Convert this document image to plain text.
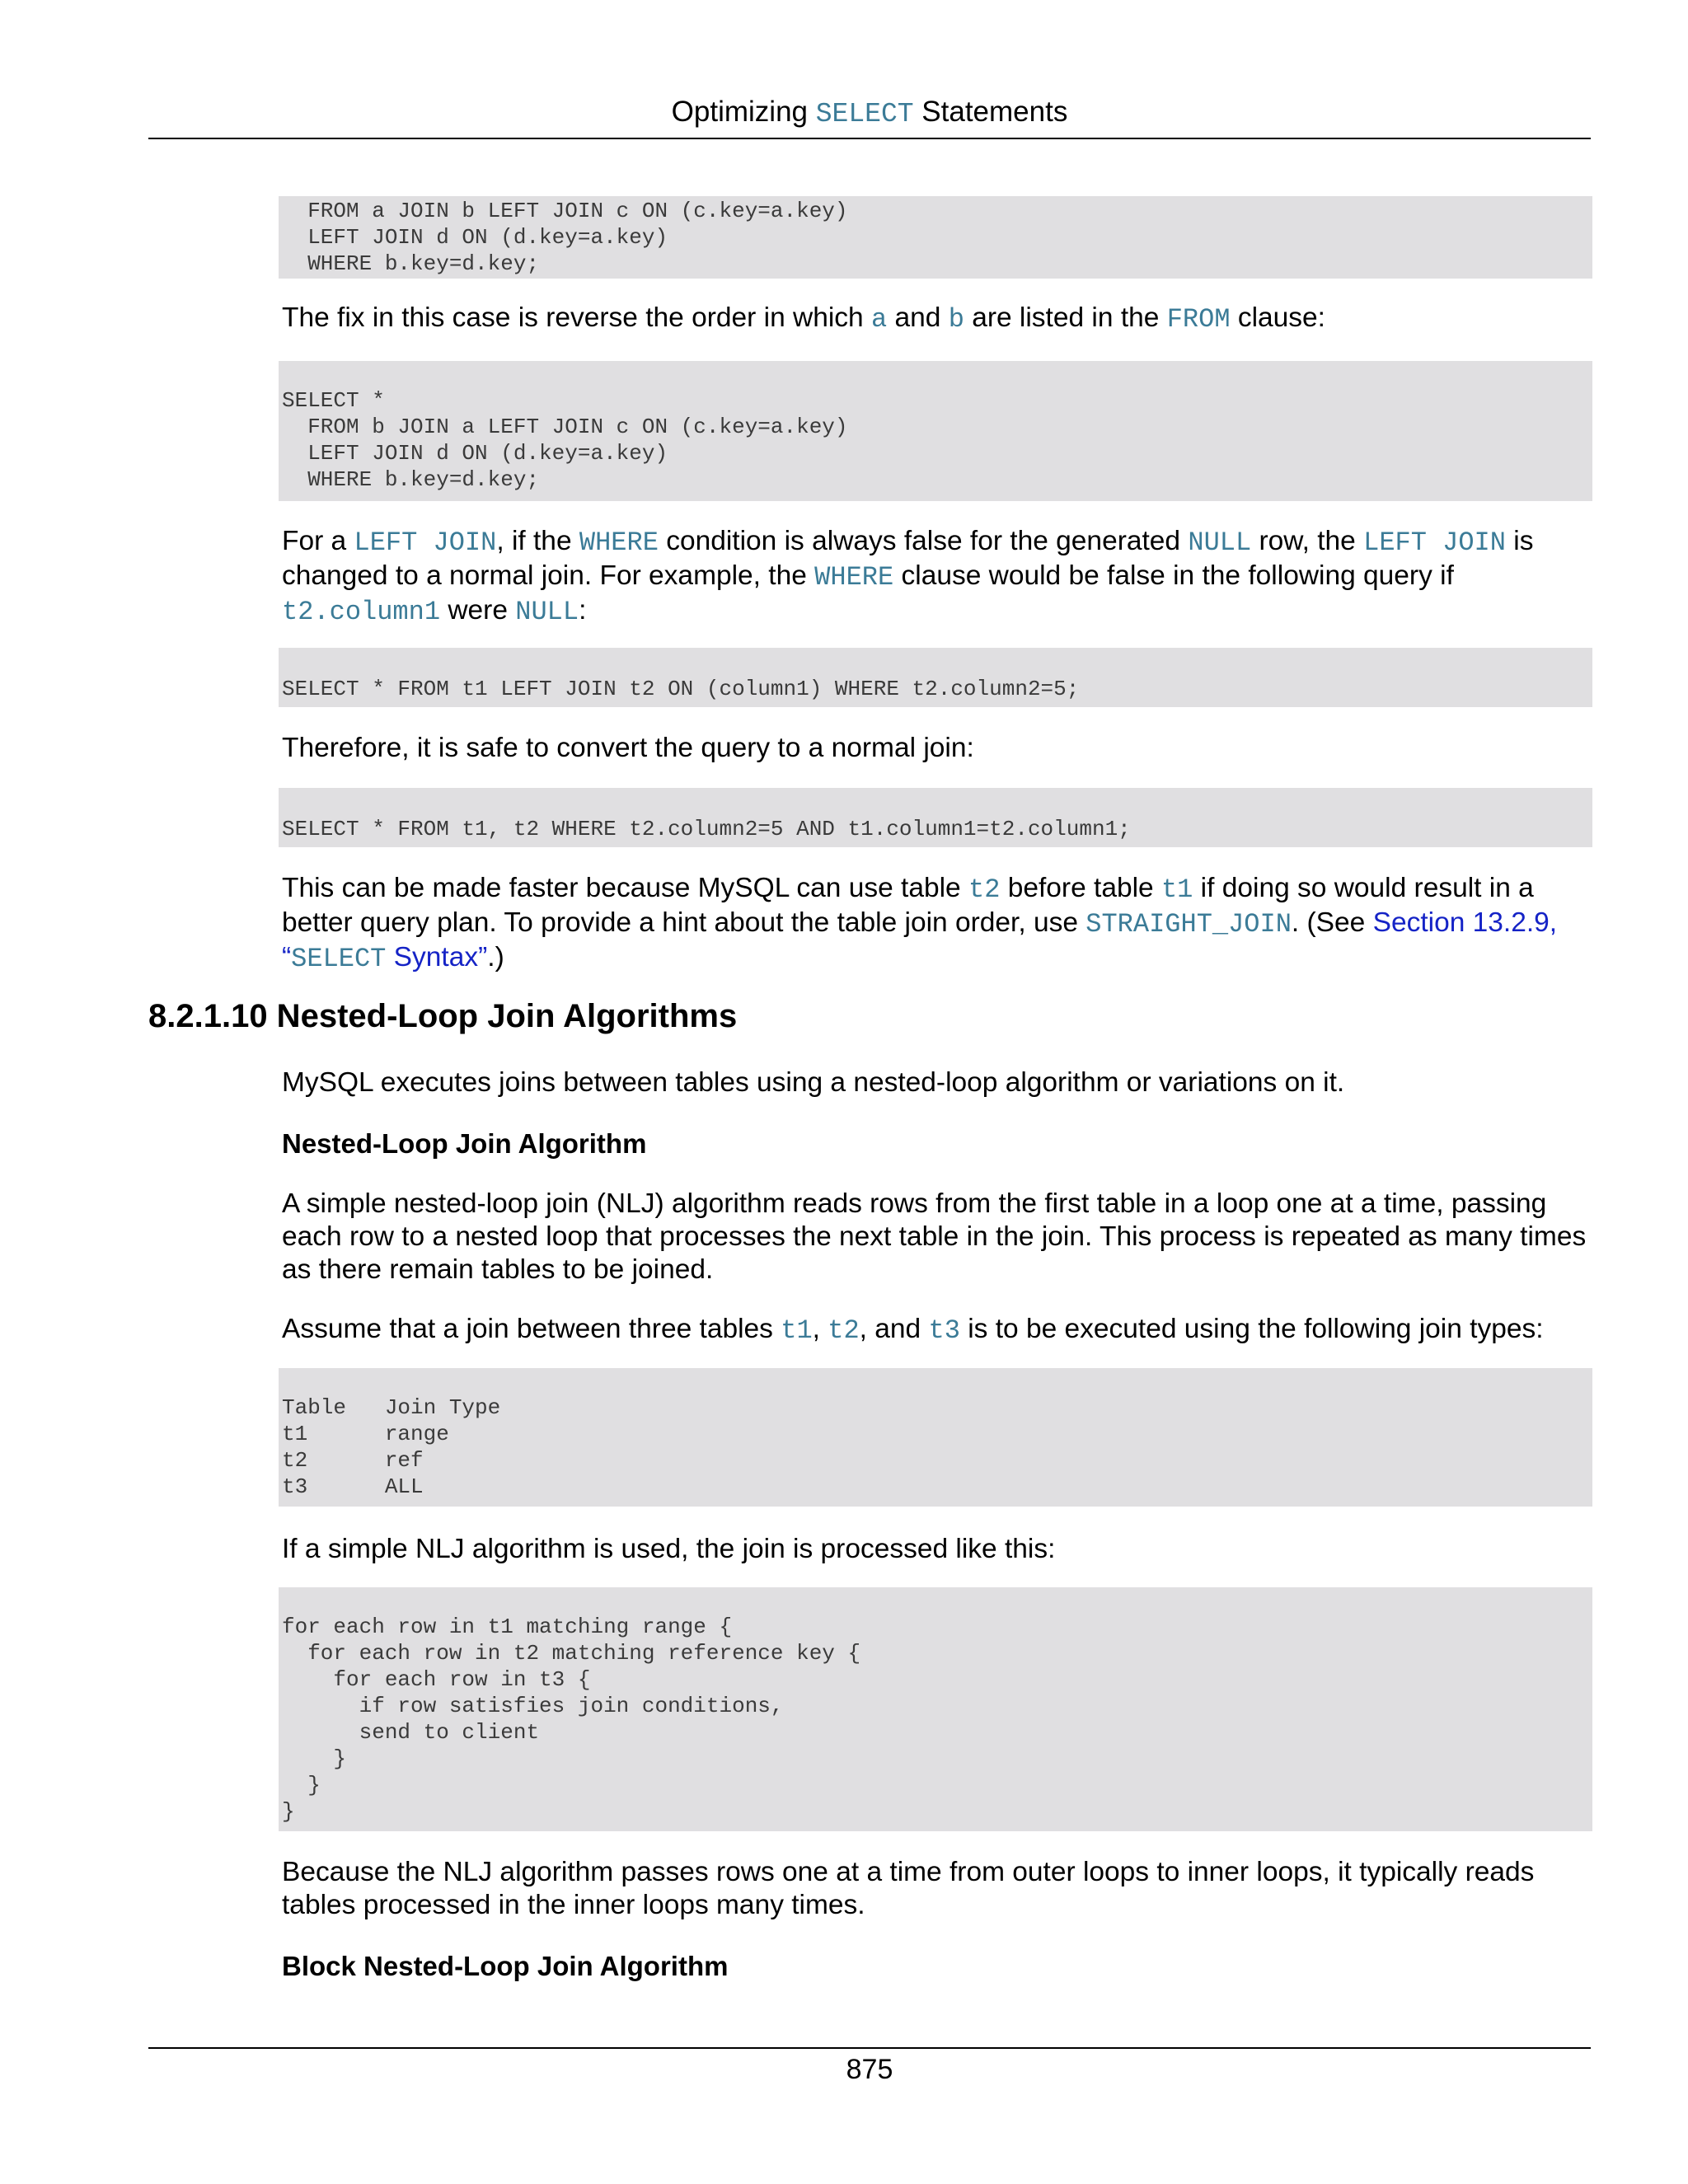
Optimizing SELECT Statements
FROM a JOIN b LEFT JOIN c ON (c.key=a.key)
LEFT JOIN d ON (d.key=a.key)
WHERE b.key=d.key;

The fix in this case is reverse the order in which a and b are listed in the FROM clause:

SELECT *
FROM b JOIN a LEFT JOIN c ON (c.key=a.key)
LEFT JOIN d ON (d.key=a.key)
WHERE b.key=d.key;

For a LEFT JOIN, if the WHERE condition is always false for the generated NULL row, the LEFT JOIN is changed to a normal join. For example, the WHERE clause would be false in the following query if t2.column1 were NULL:

SELECT * FROM t1 LEFT JOIN t2 ON (column1) WHERE t2.column2=5;

Therefore, it is safe to convert the query to a normal join:

SELECT * FROM t1, t2 WHERE t2.column2=5 AND t1.column1=t2.column1;

This can be made faster because MySQL can use table t2 before table t1 if doing so would result in a better query plan. To provide a hint about the table join order, use STRAIGHT_JOIN. (See Section 13.2.9, “SELECT Syntax”.)

8.2.1.10 Nested-Loop Join Algorithms

MySQL executes joins between tables using a nested-loop algorithm or variations on it.

Nested-Loop Join Algorithm

A simple nested-loop join (NLJ) algorithm reads rows from the first table in a loop one at a time, passing each row to a nested loop that processes the next table in the join. This process is repeated as many times as there remain tables to be joined.

Assume that a join between three tables t1, t2, and t3 is to be executed using the following join types:

Table   Join Type
t1      range
t2      ref
t3      ALL

If a simple NLJ algorithm is used, the join is processed like this:

for each row in t1 matching range {
for each row in t2 matching reference key {
for each row in t3 {
if row satisfies join conditions,
send to client
}
}
}

Because the NLJ algorithm passes rows one at a time from outer loops to inner loops, it typically reads tables processed in the inner loops many times.

Block Nested-Loop Join Algorithm
875
